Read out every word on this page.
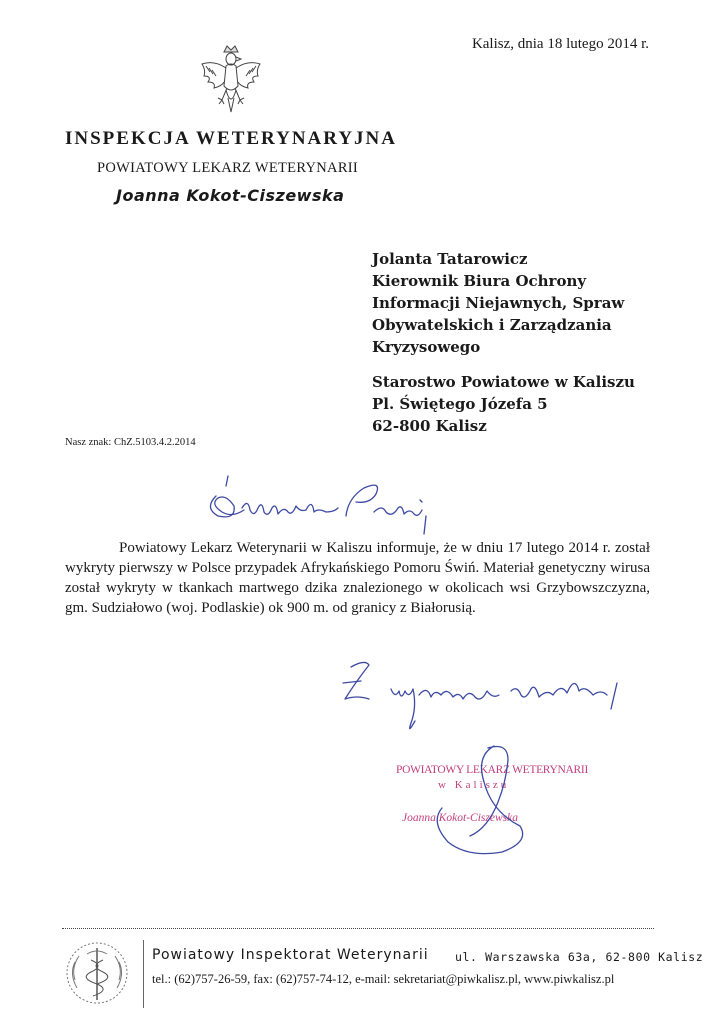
Kalisz, dnia 18 lutego 2014 r.
INSPEKCJA WETERYNARYJNA
POWIATOWY LEKARZ WETERYNARII
Joanna Kokot-Ciszewska
Jolanta Tatarowicz
Kierownik Biura Ochrony
Informacji Niejawnych, Spraw
Obywatelskich i Zarządzania
Kryzysowego
Starostwo Powiatowe w Kaliszu
Pl. Świętego Józefa 5
62-800 Kalisz
Nasz znak: ChZ.5103.4.2.2014

Powiatowy Lekarz Weterynarii w Kaliszu informuje, że w dniu 17 lutego 2014 r. został wykryty pierwszy w Polsce przypadek Afrykańskiego Pomoru Świń. Materiał genetyczny wirusa został wykryty w tkankach martwego dzika znalezionego w okolicach wsi Grzybowszczyzna, gm. Sudziałowo (woj. Podlaskie) ok 900 m. od granicy z Białorusią.

POWIATOWY LEKARZ WETERYNARII
w Kaliszu
Joanna Kokot-Ciszewska
Powiatowy Inspektorat Weterynarii ul. Warszawska 63a, 62-800 Kalisz
tel.: (62)757-26-59, fax: (62)757-74-12, e-mail: sekretariat@piwkalisz.pl, www.piwkalisz.pl
